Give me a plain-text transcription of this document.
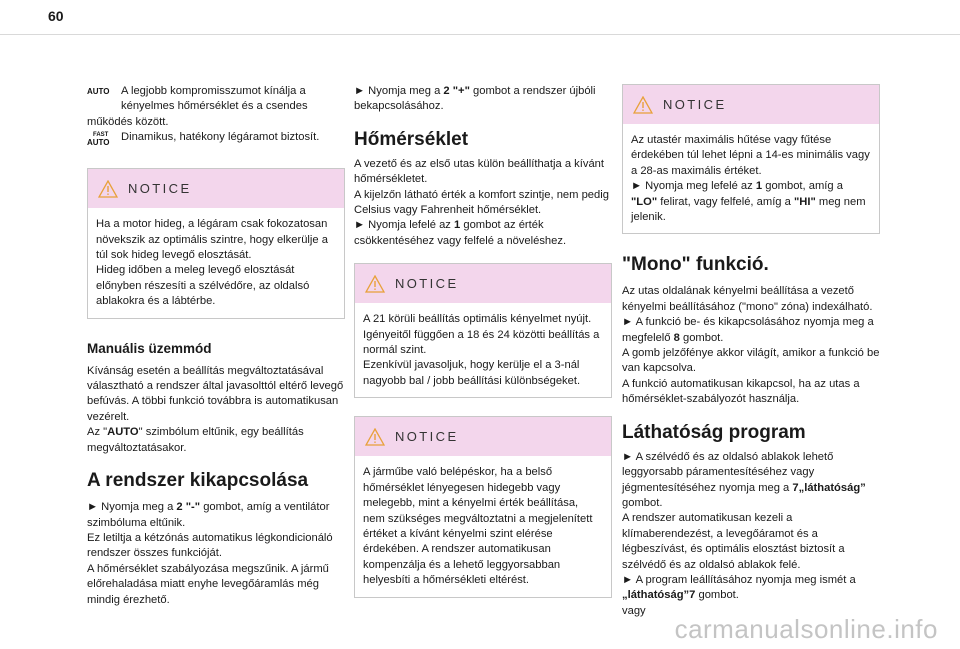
60
AUTO	A legjobb kompromisszumot kínálja a kényelmes hőmérséklet és a csendes

működés között.

FAST
AUTO	Dinamikus, hatékony légáramot biztosít.

NOTICE

Ha a motor hideg, a légáram csak fokozatosan növekszik az optimális szintre, hogy elkerülje a túl sok hideg levegő elosztását.
Hideg időben a meleg levegő elosztását előnyben részesíti a szélvédőre, az oldalsó ablakokra és a lábtérbe.

Manuális üzemmód

Kívánság esetén a beállítás megváltoztatásával választható a rendszer által javasolttól eltérő levegő befúvás. A többi funkció továbbra is automatikusan vezérelt.
Az "AUTO" szimbólum eltűnik, egy beállítás megváltoztatásakor.

A rendszer kikapcsolása

► Nyomja meg a 2 "-" gombot, amíg a ventilátor szimbóluma eltűnik.
Ez letiltja a kétzónás automatikus légkondicionáló rendszer összes funkcióját.
A hőmérséklet szabályozása megszűnik. A jármű előrehaladása miatt enyhe levegőáramlás még mindig érezhető.

► Nyomja meg a 2 "+" gombot a rendszer újbóli bekapcsolásához.

Hőmérséklet

A vezető és az első utas külön beállíthatja a kívánt hőmérsékletet.
A kijelzőn látható érték a komfort szintje, nem pedig Celsius vagy Fahrenheit hőmérséklet.
► Nyomja lefelé az 1 gombot az érték csökkentéséhez vagy felfelé a növeléshez.

NOTICE

A 21 körüli beállítás optimális kényelmet nyújt. Igényeitől függően a 18 és 24 közötti beállítás a normál szint.
Ezenkívül javasoljuk, hogy kerülje el a 3-nál nagyobb bal / jobb beállítási különbségeket.

NOTICE

A járműbe való belépéskor, ha a belső hőmérséklet lényegesen hidegebb vagy melegebb, mint a kényelmi érték beállítása, nem szükséges megváltoztatni a megjelenített értéket a kívánt kényelmi szint elérése érdekében. A rendszer automatikusan kompenzálja és a lehető leggyorsabban helyesbíti a hőmérsékleti eltérést.

NOTICE

Az utastér maximális hűtése vagy fűtése érdekében túl lehet lépni a 14-es minimális vagy a 28-as maximális értéket.
► Nyomja meg lefelé az 1 gombot, amíg a "LO" felirat, vagy felfelé, amíg a "HI" meg nem jelenik.

"Mono" funkció.

Az utas oldalának kényelmi beállítása a vezető kényelmi beállításához ("mono" zóna) indexálható.
► A funkció be- és kikapcsolásához nyomja meg a megfelelő 8 gombot.
A gomb jelzőfénye akkor világít, amikor a funkció be van kapcsolva.
A funkció automatikusan kikapcsol, ha az utas a hőmérséklet-szabályozót használja.

Láthatóság program

► A szélvédő és az oldalsó ablakok lehető leggyorsabb páramentesítéséhez vagy jégmentesítéséhez nyomja meg a 7„láthatóság” gombot.
A rendszer automatikusan kezeli a klímaberendezést, a levegőáramot és a légbeszívást, és optimális elosztást biztosít a szélvédő és az oldalsó ablakok felé.
► A program leállításához nyomja meg ismét a „láthatóság”7 gombot.
vagy

carmanualsonline.info
